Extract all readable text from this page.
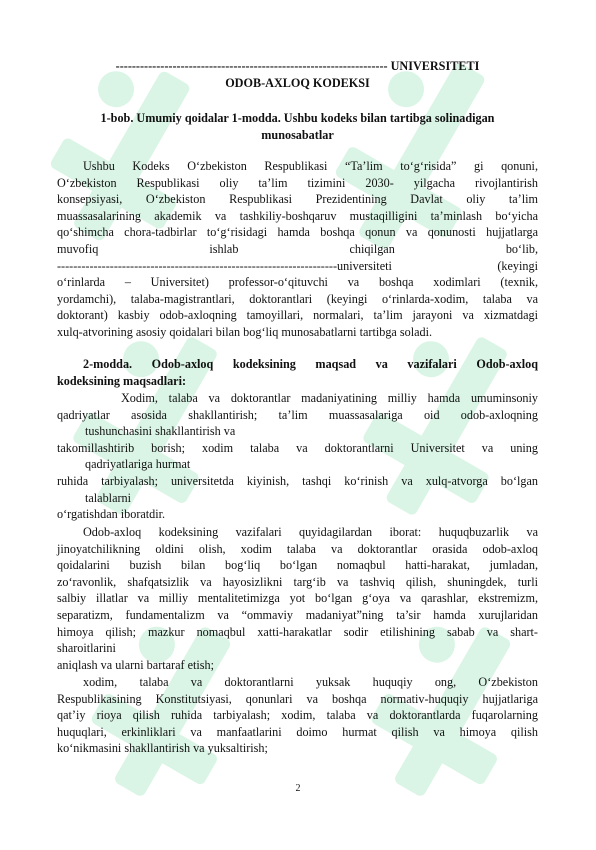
------------------------------------------------------------------- UNIVERSITETI

ODOB-AXLOQ KODEKSI

1-bob. Umumiy qoidalar 1-modda. Ushbu kodeks bilan tartibga solinadigan

munosabatlar

Ushbu Kodeks O‘zbekiston Respublikasi “Ta’lim to‘g‘risida” gi qonuni,

O‘zbekiston Respublikasi oliy ta’lim tizimini 2030- yilgacha rivojlantirish

konsepsiyasi, O‘zbekiston Respublikasi Prezidentining Davlat oliy ta’lim

muassasalarining akademik va tashkiliy-boshqaruv mustaqilligini ta’minlash bo‘yicha

qo‘shimcha chora-tadbirlar to‘g‘risidagi hamda boshqa qonun va qonunosti hujjatlarga

muvofiq ishlab chiqilgan bo‘lib,

---------------------------------------------------------------------universiteti (keyingi

o‘rinlarda – Universitet) professor-o‘qituvchi va boshqa xodimlari (texnik,

yordamchi), talaba-magistrantlari, doktorantlari (keyingi o‘rinlarda-xodim, talaba va

doktorant) kasbiy odob-axloqning tamoyillari, normalari, ta’lim jarayoni va xizmatdagi

xulq-atvorining asosiy qoidalari bilan bog‘liq munosabatlarni tartibga soladi.

2-modda. Odob-axloq kodeksining maqsad va vazifalari Odob-axloq

kodeksining maqsadlari:

Xodim, talaba va doktorantlar madaniyatining milliy hamda umuminsoniy

qadriyatlar asosida shakllantirish; ta’lim muassasalariga oid odob-axloqning

tushunchasini shakllantirish va

takomillashtirib borish; xodim talaba va doktorantlarni Universitet va uning

qadriyatlariga hurmat

ruhida tarbiyalash; universitetda kiyinish, tashqi ko‘rinish va xulq-atvorga bo‘lgan

talablarni

o‘rgatishdan iboratdir.

Odob-axloq kodeksining vazifalari quyidagilardan iborat: huquqbuzarlik va

jinoyatchilikning oldini olish, xodim talaba va doktorantlar orasida odob-axloq

qoidalarini buzish bilan bog‘liq bo‘lgan nomaqbul hatti-harakat, jumladan,

zo‘ravonlik, shafqatsizlik va hayosizlikni targ‘ib va tashviq qilish, shuningdek, turli

salbiy illatlar va milliy mentalitetimizga yot bo‘lgan g‘oya va qarashlar, ekstremizm,

separatizm, fundamentalizm va “ommaviy madaniyat”ning ta’sir hamda xurujlaridan

himoya qilish; mazkur nomaqbul xatti-harakatlar sodir etilishining sabab va shart-

sharoitlarini

aniqlash va ularni bartaraf etish;

xodim, talaba va doktorantlarni yuksak huquqiy ong, O‘zbekiston

Respublikasining Konstitutsiyasi, qonunlari va boshqa normativ-huquqiy hujjatlariga

qat’iy rioya qilish ruhida tarbiyalash; xodim, talaba va doktorantlarda fuqarolarning

huquqlari, erkinliklari va manfaatlarini doimo hurmat qilish va himoya qilish

ko‘nikmasini shakllantirish va yuksaltirish;

2
